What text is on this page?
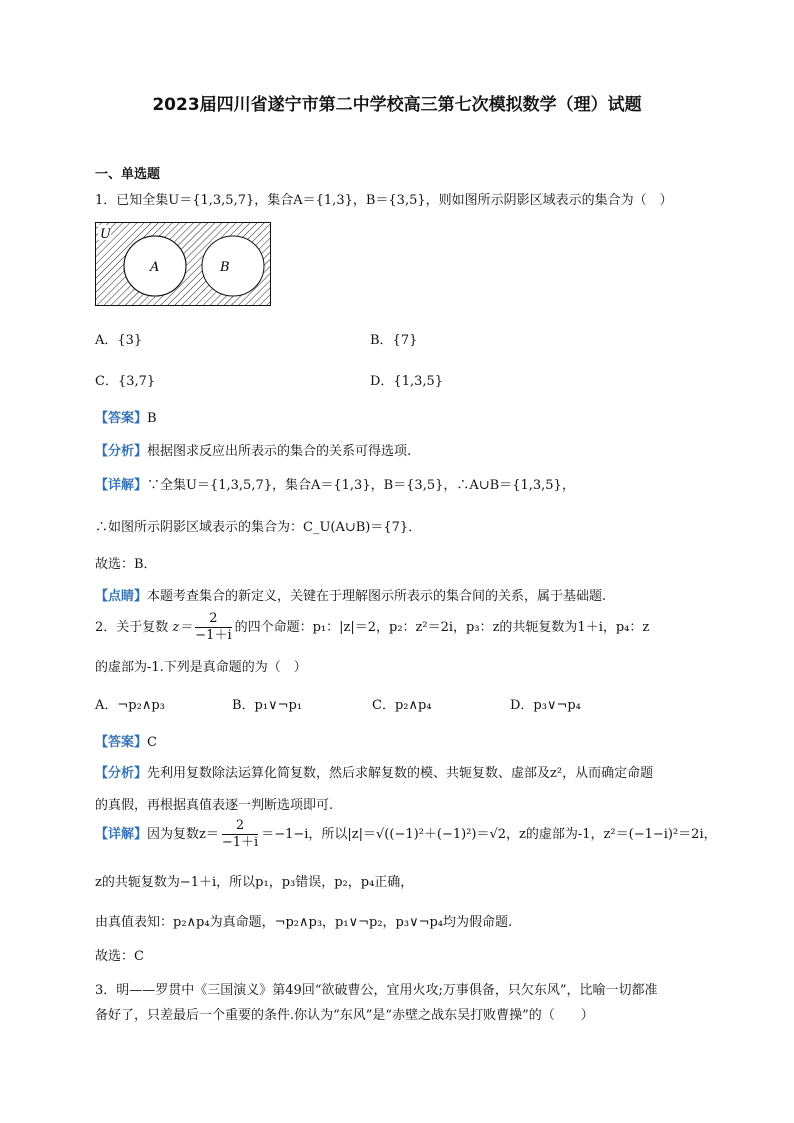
2023届四川省遂宁市第二中学校高三第七次模拟数学（理）试题
一、单选题
1．已知全集U＝{1,3,5,7}，集合A＝{1,3}，B＝{3,5}，则如图所示阴影区域表示的集合为（　）
U
A	B
A．{3}	B．{7}
C．{3,7}	D．{1,3,5}
【答案】B
【分析】根据图求反应出所表示的集合的关系可得选项.
【详解】∵全集U＝{1,3,5,7}，集合A＝{1,3}，B＝{3,5}，∴A∪B＝{1,3,5}，
∴如图所示阴影区域表示的集合为：C_U(A∪B)＝{7}．
故选：B．
【点睛】本题考查集合的新定义，关键在于理解图示所表示的集合间的关系，属于基础题.
2．关于复数 $z= \frac{2}{-1+i}$ 的四个命题：p₁：|z|＝2，p₂：z²＝2i，p₃：z的共轭复数为1＋i，p₄：z
的虚部为-1.下列是真命题的为（　）
A．¬p₂∧p₃	B．p₁∨¬p₁	C．p₂∧p₄	D．p₃∨¬p₄
【答案】C
【分析】先利用复数除法运算化简复数，然后求解复数的模、共轭复数、虚部及z²，从而确定命题
的真假，再根据真值表逐一判断选项即可.
【详解】因为复数$z= \frac{2}{-1+i} =-1-i$，所以|z|＝√((−1)²＋(−1)²)＝√2，z的虚部为-1，z²＝(−1−i)²＝2i，
z的共轭复数为−1＋i，所以p₁，p₃错误，p₂，p₄正确，
由真值表知：p₂∧p₄为真命题，¬p₂∧p₃，p₁∨¬p₂，p₃∨¬p₄均为假命题.
故选：C
3．明——罗贯中《三国演义》第49回“欲破曹公，宜用火攻;万事俱备，只欠东风”，比喻一切都准
备好了，只差最后一个重要的条件.你认为“东风”是“赤壁之战东吴打败曹操”的（　　）
